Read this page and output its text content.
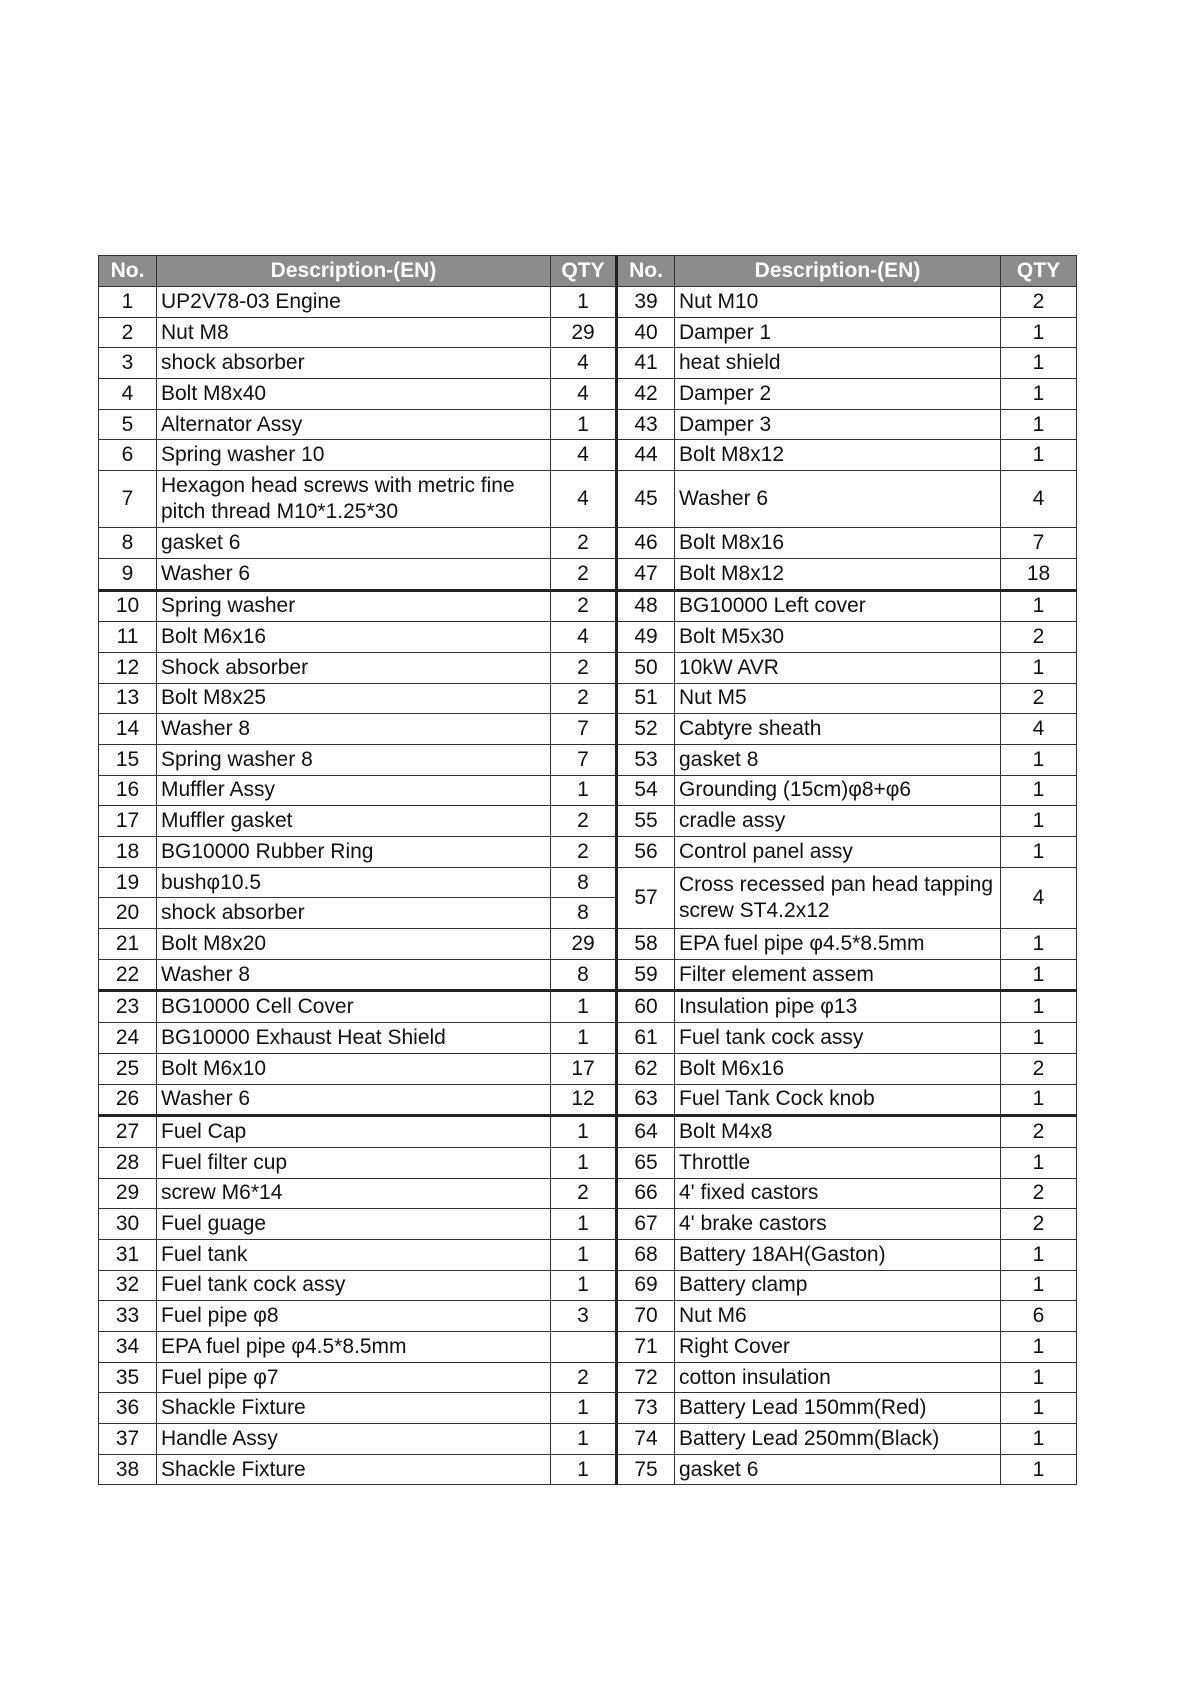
No.	Description-(EN)	QTY	No.	Description-(EN)	QTY
1	UP2V78-03 Engine	1	39	Nut M10	2
2	Nut M8	29	40	Damper 1	1
3	shock absorber	4	41	heat shield	1
4	Bolt M8x40	4	42	Damper 2	1
5	Alternator Assy	1	43	Damper 3	1
6	Spring washer 10	4	44	Bolt M8x12	1
7	Hexagon head screws with metric fine pitch thread M10*1.25*30	4	45	Washer 6	4
8	gasket 6	2	46	Bolt M8x16	7
9	Washer 6	2	47	Bolt M8x12	18
10	Spring washer	2	48	BG10000 Left cover	1
11	Bolt M6x16	4	49	Bolt M5x30	2
12	Shock absorber	2	50	10kW AVR	1
13	Bolt M8x25	2	51	Nut M5	2
14	Washer 8	7	52	Cabtyre sheath	4
15	Spring washer 8	7	53	gasket 8	1
16	Muffler Assy	1	54	Grounding (15cm)φ8+φ6	1
17	Muffler gasket	2	55	cradle assy	1
18	BG10000 Rubber Ring	2	56	Control panel assy	1
19	bushφ10.5	8	57	Cross recessed pan head tapping screw ST4.2x12	4
20	shock absorber	8			
21	Bolt M8x20	29	58	EPA fuel pipe φ4.5*8.5mm	1
22	Washer 8	8	59	Filter element assem	1
23	BG10000 Cell Cover	1	60	Insulation pipe φ13	1
24	BG10000 Exhaust Heat Shield	1	61	Fuel tank cock assy	1
25	Bolt M6x10	17	62	Bolt M6x16	2
26	Washer 6	12	63	Fuel Tank Cock knob	1
27	Fuel Cap	1	64	Bolt M4x8	2
28	Fuel filter cup	1	65	Throttle	1
29	screw M6*14	2	66	4' fixed castors	2
30	Fuel guage	1	67	4' brake castors	2
31	Fuel tank	1	68	Battery 18AH(Gaston)	1
32	Fuel tank cock assy	1	69	Battery clamp	1
33	Fuel pipe φ8	3	70	Nut M6	6
34	EPA fuel pipe φ4.5*8.5mm		71	Right Cover	1
35	Fuel pipe φ7	2	72	cotton insulation	1
36	Shackle Fixture	1	73	Battery Lead 150mm(Red)	1
37	Handle Assy	1	74	Battery Lead 250mm(Black)	1
38	Shackle Fixture	1	75	gasket 6	1
